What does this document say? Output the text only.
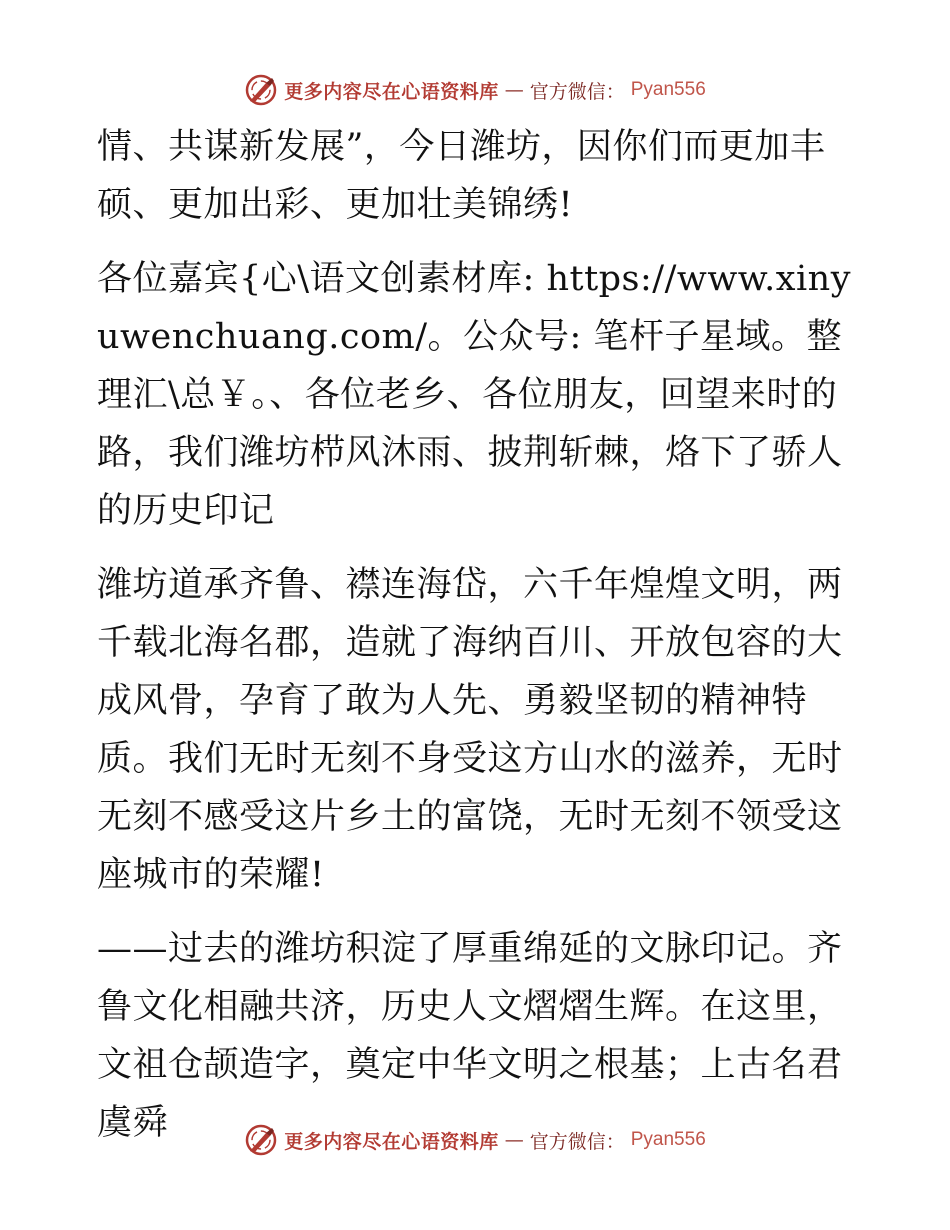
更多内容尽在心语资料库 — 官方微信： Pyan556

情、共谋新发展”，今日潍坊，因你们而更加丰硕、更加出彩、更加壮美锦绣!

各位嘉宾{心\语文创素材库: https://www.xinyuwenchuang.com/。公众号: 笔杆子星域。整理汇\总￥。、各位老乡、各位朋友，回望来时的路，我们潍坊栉风沐雨、披荆斩棘，烙下了骄人的历史印记

潍坊道承齐鲁、襟连海岱，六千年煌煌文明，两千载北海名郡，造就了海纳百川、开放包容的大成风骨，孕育了敢为人先、勇毅坚韧的精神特质。我们无时无刻不身受这方山水的滋养，无时无刻不感受这片乡土的富饶，无时无刻不领受这座城市的荣耀!

——过去的潍坊积淀了厚重绵延的文脉印记。齐鲁文化相融共济，历史人文熠熠生辉。在这里，文祖仓颉造字，奠定中华文明之根基；上古名君虞舜	更多内容尽在心语资料库 — 官方微信： Pyan556
